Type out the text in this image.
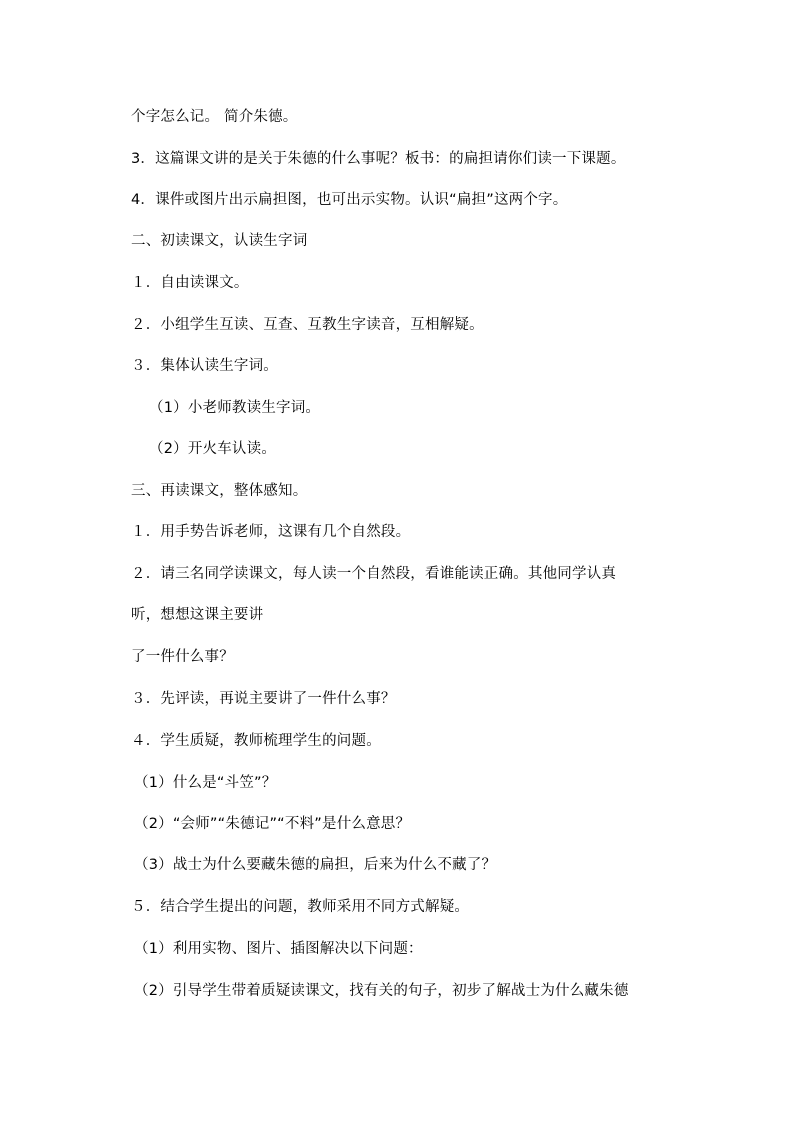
个字怎么记。 简介朱德。
3．这篇课文讲的是关于朱德的什么事呢？板书：的扁担请你们读一下课题。
4．课件或图片出示扁担图，也可出示实物。认识“扁担”这两个字。
二、初读课文，认读生字词
１．自由读课文。
２．小组学生互读、互查、互教生字读音，互相解疑。
３．集体认读生字词。
（1）小老师教读生字词。
（2）开火车认读。
三、再读课文，整体感知。
１．用手势告诉老师，这课有几个自然段。
２．请三名同学读课文，每人读一个自然段，看谁能读正确。其他同学认真
听，想想这课主要讲
了一件什么事？
３．先评读，再说主要讲了一件什么事？
４．学生质疑，教师梳理学生的问题。
（1）什么是“斗笠”？
（2）“会师”“朱德记”“不料”是什么意思？
（3）战士为什么要藏朱德的扁担，后来为什么不藏了？
５．结合学生提出的问题，教师采用不同方式解疑。
（1）利用实物、图片、插图解决以下问题：
（2）引导学生带着质疑读课文，找有关的句子，初步了解战士为什么藏朱德
